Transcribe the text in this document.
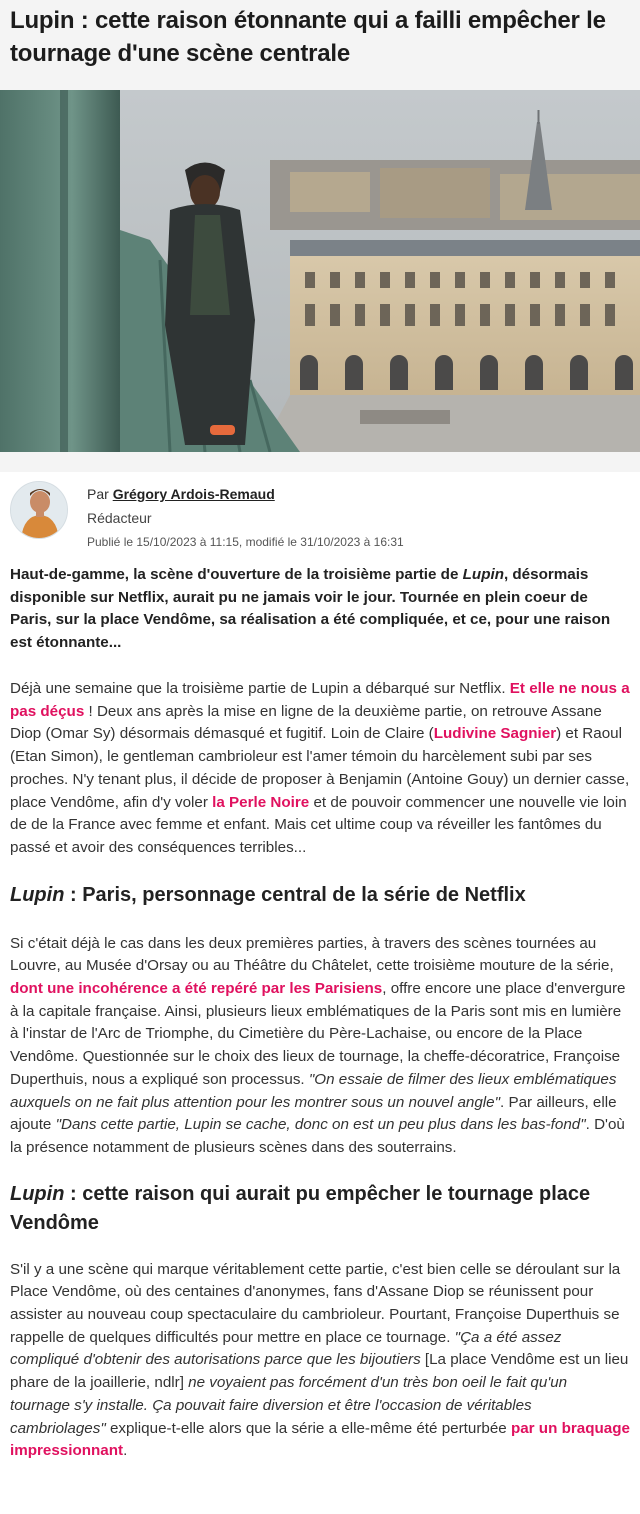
Lupin : cette raison étonnante qui a failli empêcher le tournage d'une scène centrale
Par Grégory Ardois-Remaud
Rédacteur
Publié le 15/10/2023 à 11:15, modifié le 31/10/2023 à 16:31

Haut-de-gamme, la scène d'ouverture de la troisième partie de Lupin, désormais disponible sur Netflix, aurait pu ne jamais voir le jour. Tournée en plein coeur de Paris, sur la place Vendôme, sa réalisation a été compliquée, et ce, pour une raison est étonnante...

Déjà une semaine que la troisième partie de Lupin a débarqué sur Netflix. Et elle ne nous a pas déçus ! Deux ans après la mise en ligne de la deuxième partie, on retrouve Assane Diop (Omar Sy) désormais démasqué et fugitif. Loin de Claire (Ludivine Sagnier) et Raoul (Etan Simon), le gentleman cambrioleur est l'amer témoin du harcèlement subi par ses proches. N'y tenant plus, il décide de proposer à Benjamin (Antoine Gouy) un dernier casse, place Vendôme, afin d'y voler la Perle Noire et de pouvoir commencer une nouvelle vie loin de de la France avec femme et enfant. Mais cet ultime coup va réveiller les fantômes du passé et avoir des conséquences terribles...

Lupin : Paris, personnage central de la série de Netflix

Si c'était déjà le cas dans les deux premières parties, à travers des scènes tournées au Louvre, au Musée d'Orsay ou au Théâtre du Châtelet, cette troisième mouture de la série, dont une incohérence a été repéré par les Parisiens, offre encore une place d'envergure à la capitale française. Ainsi, plusieurs lieux emblématiques de la Paris sont mis en lumière à l'instar de l'Arc de Triomphe, du Cimetière du Père-Lachaise, ou encore de la Place Vendôme. Questionnée sur le choix des lieux de tournage, la cheffe-décoratrice, Françoise Duperthuis, nous a expliqué son processus. "On essaie de filmer des lieux emblématiques auxquels on ne fait plus attention pour les montrer sous un nouvel angle". Par ailleurs, elle ajoute "Dans cette partie, Lupin se cache, donc on est un peu plus dans les bas-fond". D'où la présence notamment de plusieurs scènes dans des souterrains.

Lupin : cette raison qui aurait pu empêcher le tournage place Vendôme

S'il y a une scène qui marque véritablement cette partie, c'est bien celle se déroulant sur la Place Vendôme, où des centaines d'anonymes, fans d'Assane Diop se réunissent pour assister au nouveau coup spectaculaire du cambrioleur. Pourtant, Françoise Duperthuis se rappelle de quelques difficultés pour mettre en place ce tournage. "Ça a été assez compliqué d'obtenir des autorisations parce que les bijoutiers [La place Vendôme est un lieu phare de la joaillerie, ndlr] ne voyaient pas forcément d'un très bon oeil le fait qu'un tournage s'y installe. Ça pouvait faire diversion et être l'occasion de véritables cambriolages" explique-t-elle alors que la série a elle-même été perturbée par un braquage impressionnant.
